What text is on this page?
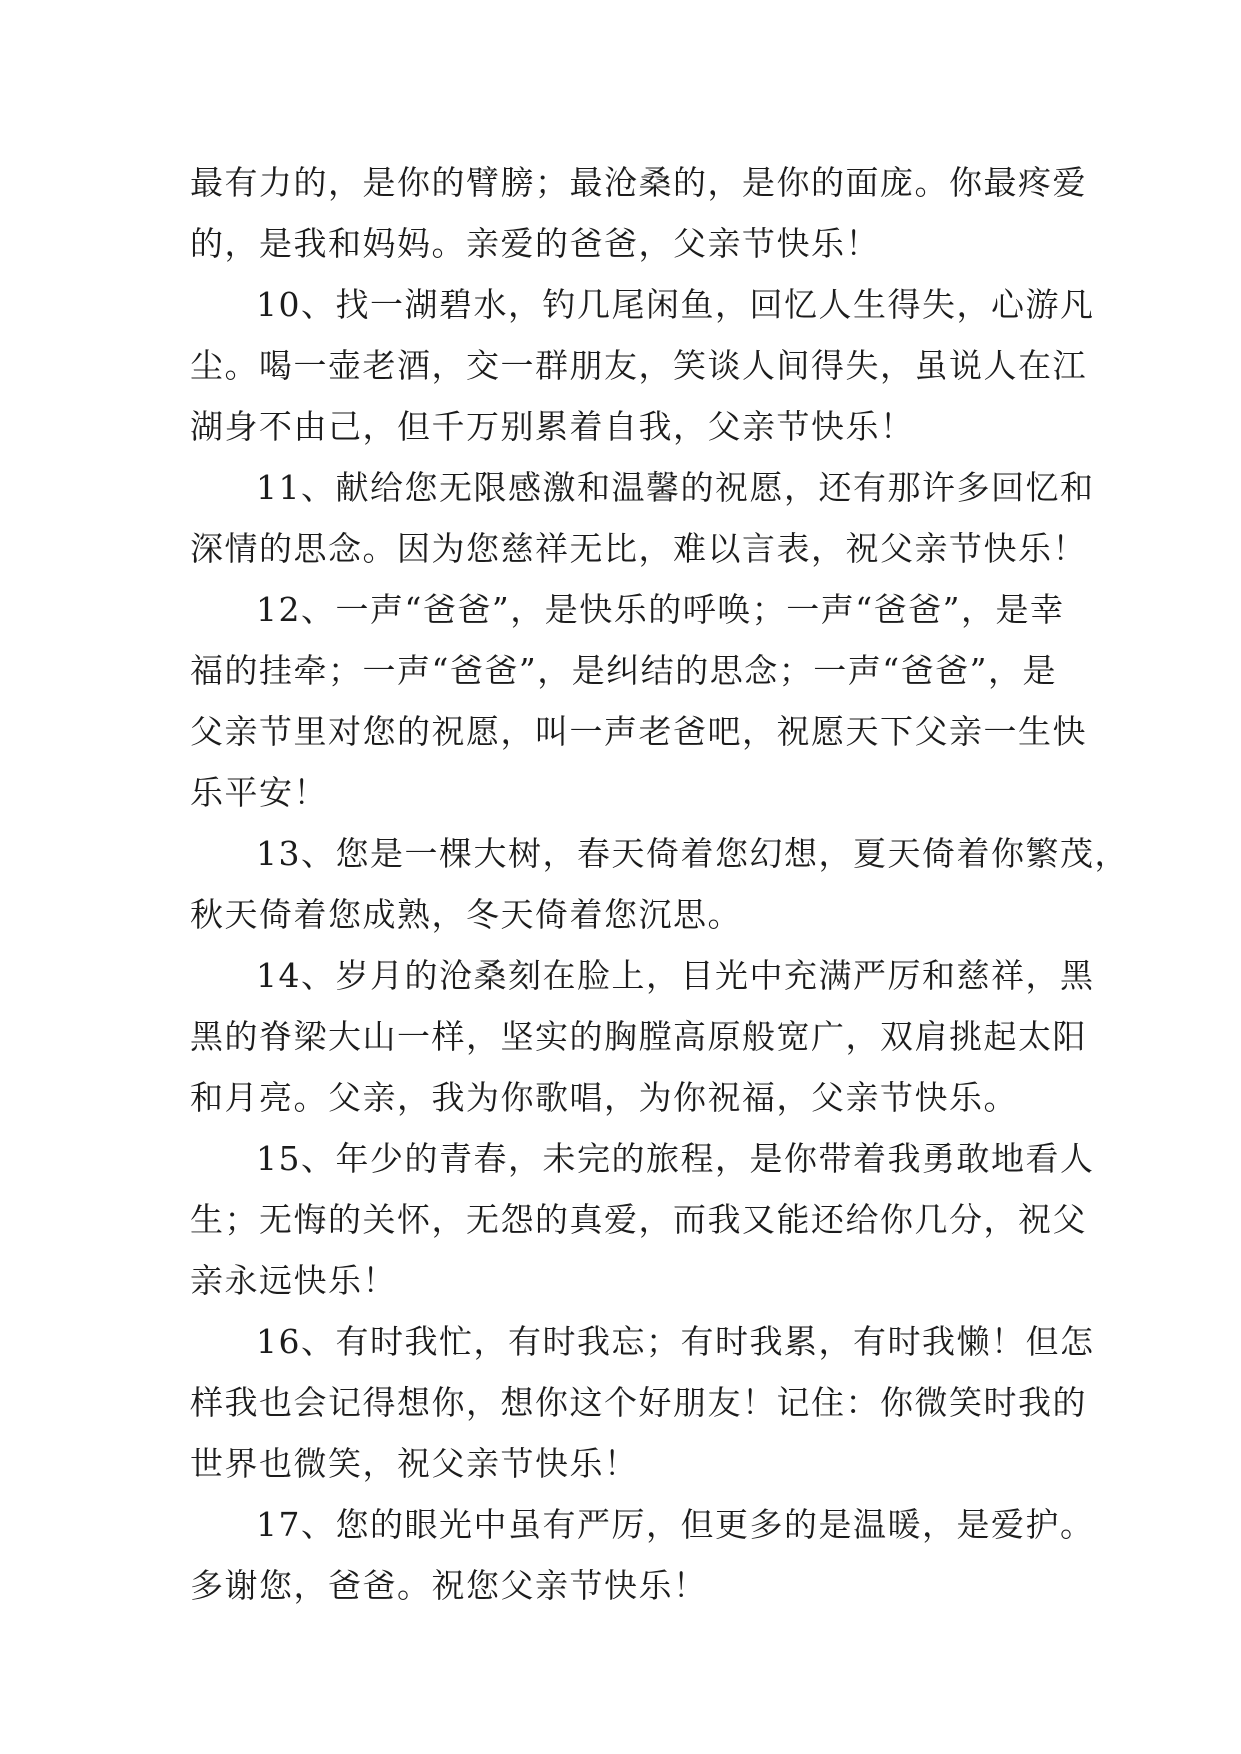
最有力的，是你的臂膀；最沧桑的，是你的面庞。你最疼爱
的，是我和妈妈。亲爱的爸爸，父亲节快乐！
10、找一湖碧水，钓几尾闲鱼，回忆人生得失，心游凡
尘。喝一壶老酒，交一群朋友，笑谈人间得失，虽说人在江
湖身不由己，但千万别累着自我，父亲节快乐！
11、献给您无限感激和温馨的祝愿，还有那许多回忆和
深情的思念。因为您慈祥无比，难以言表，祝父亲节快乐！
12、一声“爸爸”，是快乐的呼唤；一声“爸爸”，是幸
福的挂牵；一声“爸爸”，是纠结的思念；一声“爸爸”，是
父亲节里对您的祝愿，叫一声老爸吧，祝愿天下父亲一生快
乐平安！
13、您是一棵大树，春天倚着您幻想，夏天倚着你繁茂，
秋天倚着您成熟，冬天倚着您沉思。
14、岁月的沧桑刻在脸上，目光中充满严厉和慈祥，黑
黑的脊梁大山一样，坚实的胸膛高原般宽广，双肩挑起太阳
和月亮。父亲，我为你歌唱，为你祝福，父亲节快乐。
15、年少的青春，未完的旅程，是你带着我勇敢地看人
生；无悔的关怀，无怨的真爱，而我又能还给你几分，祝父
亲永远快乐！
16、有时我忙，有时我忘；有时我累，有时我懒！但怎
样我也会记得想你，想你这个好朋友！记住：你微笑时我的
世界也微笑，祝父亲节快乐！
17、您的眼光中虽有严厉，但更多的是温暖，是爱护。
多谢您，爸爸。祝您父亲节快乐！
